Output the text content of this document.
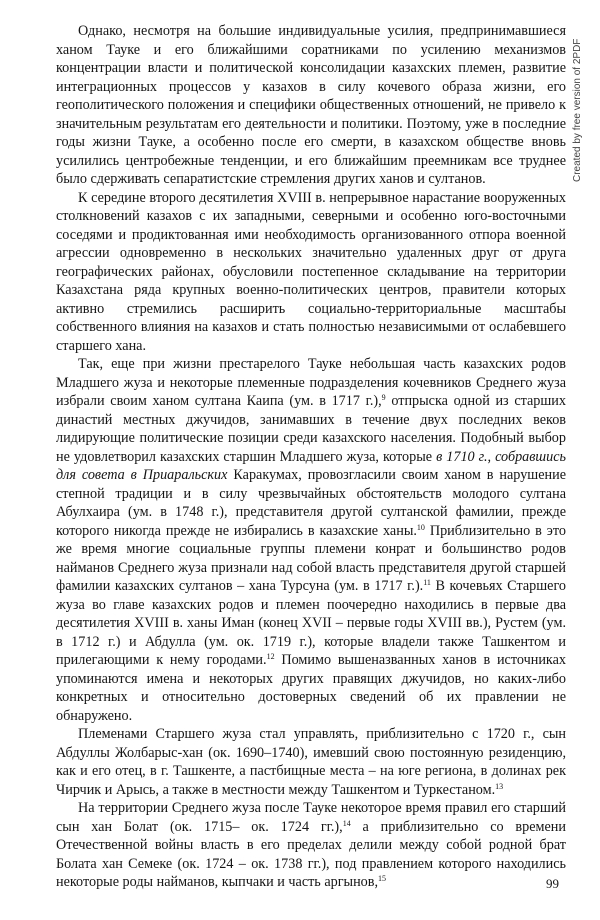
Однако, несмотря на большие индивидуальные усилия, предпринимавшиеся ханом Тауке и его ближайшими соратниками по усилению механизмов концентрации власти и политической консолидации казахских племен, развитие интеграционных процессов у казахов в силу кочевого образа жизни, его геополитического положения и специфики общественных отношений, не привело к значительным результатам его деятельности и политики. Поэтому, уже в последние годы жизни Тауке, а особенно после его смерти, в казахском обществе вновь усилились центробежные тенденции, и его ближайшим преемникам все труднее было сдерживать сепаратистские стремления других ханов и султанов.

К середине второго десятилетия XVIII в. непрерывное нарастание вооруженных столкновений казахов с их западными, северными и особенно юго-восточными соседями и продиктованная ими необходимость организованного отпора военной агрессии одновременно в нескольких значительно удаленных друг от друга географических районах, обусловили постепенное складывание на территории Казахстана ряда крупных военно-политических центров, правители которых активно стремились расширить социально-территориальные масштабы собственного влияния на казахов и стать полностью независимыми от ослабевшего старшего хана.

Так, еще при жизни престарелого Тауке небольшая часть казахских родов Младшего жуза и некоторые племенные подразделения кочевников Среднего жуза избрали своим ханом султана Каипа (ум. в 1717 г.),$^9$ отпрыска одной из старших династий местных джучидов, занимавших в течение двух последних веков лидирующие политические позиции среди казахского населения. Подобный выбор не удовлетворил казахских старшин Младшего жуза, которые в 1710 г., собравшись для совета в Приаральских Каракумах, провозгласили своим ханом в нарушение степной традиции и в силу чрезвычайных обстоятельств молодого султана Абулхаира (ум. в 1748 г.), представителя другой султанской фамилии, прежде которого никогда прежде не избирались в казахские ханы.$^{10}$ Приблизительно в это же время многие социальные группы племени конрат и большинство родов найманов Среднего жуза признали над собой власть представителя другой старшей фамилии казахских султанов – хана Турсуна (ум. в 1717 г.).$^{11}$ В кочевьях Старшего жуза во главе казахских родов и племен поочередно находились в первые два десятилетия XVIII в. ханы Иман (конец XVII – первые годы XVIII вв.), Рустем (ум. в 1712 г.) и Абдулла (ум. ок. 1719 г.), которые владели также Ташкентом и прилегающими к нему городами.$^{12}$ Помимо вышеназванных ханов в источниках упоминаются имена и некоторых других правящих джучидов, но каких-либо конкретных и относительно достоверных сведений об их правлении не обнаружено.

Племенами Старшего жуза стал управлять, приблизительно с 1720 г., сын Абдуллы Жолбарыс-хан (ок. 1690–1740), имевший свою постоянную резиденцию, как и его отец, в г. Ташкенте, а пастбищные места – на юге региона, в долинах рек Чирчик и Арысь, а также в местности между Ташкентом и Туркестаном.$^{13}$

На территории Среднего жуза после Тауке некоторое время правил его старший сын хан Болат (ок. 1715– ок. 1724 гг.),$^{14}$ а приблизительно со времени Отечественной войны власть в его пределах делили между собой родной брат Болата хан Семеке (ок. 1724 – ок. 1738 гг.), под правлением которого находились некоторые роды найманов, кыпчаки и часть аргынов,$^{15}$

Created by free version of 2PDF
99
